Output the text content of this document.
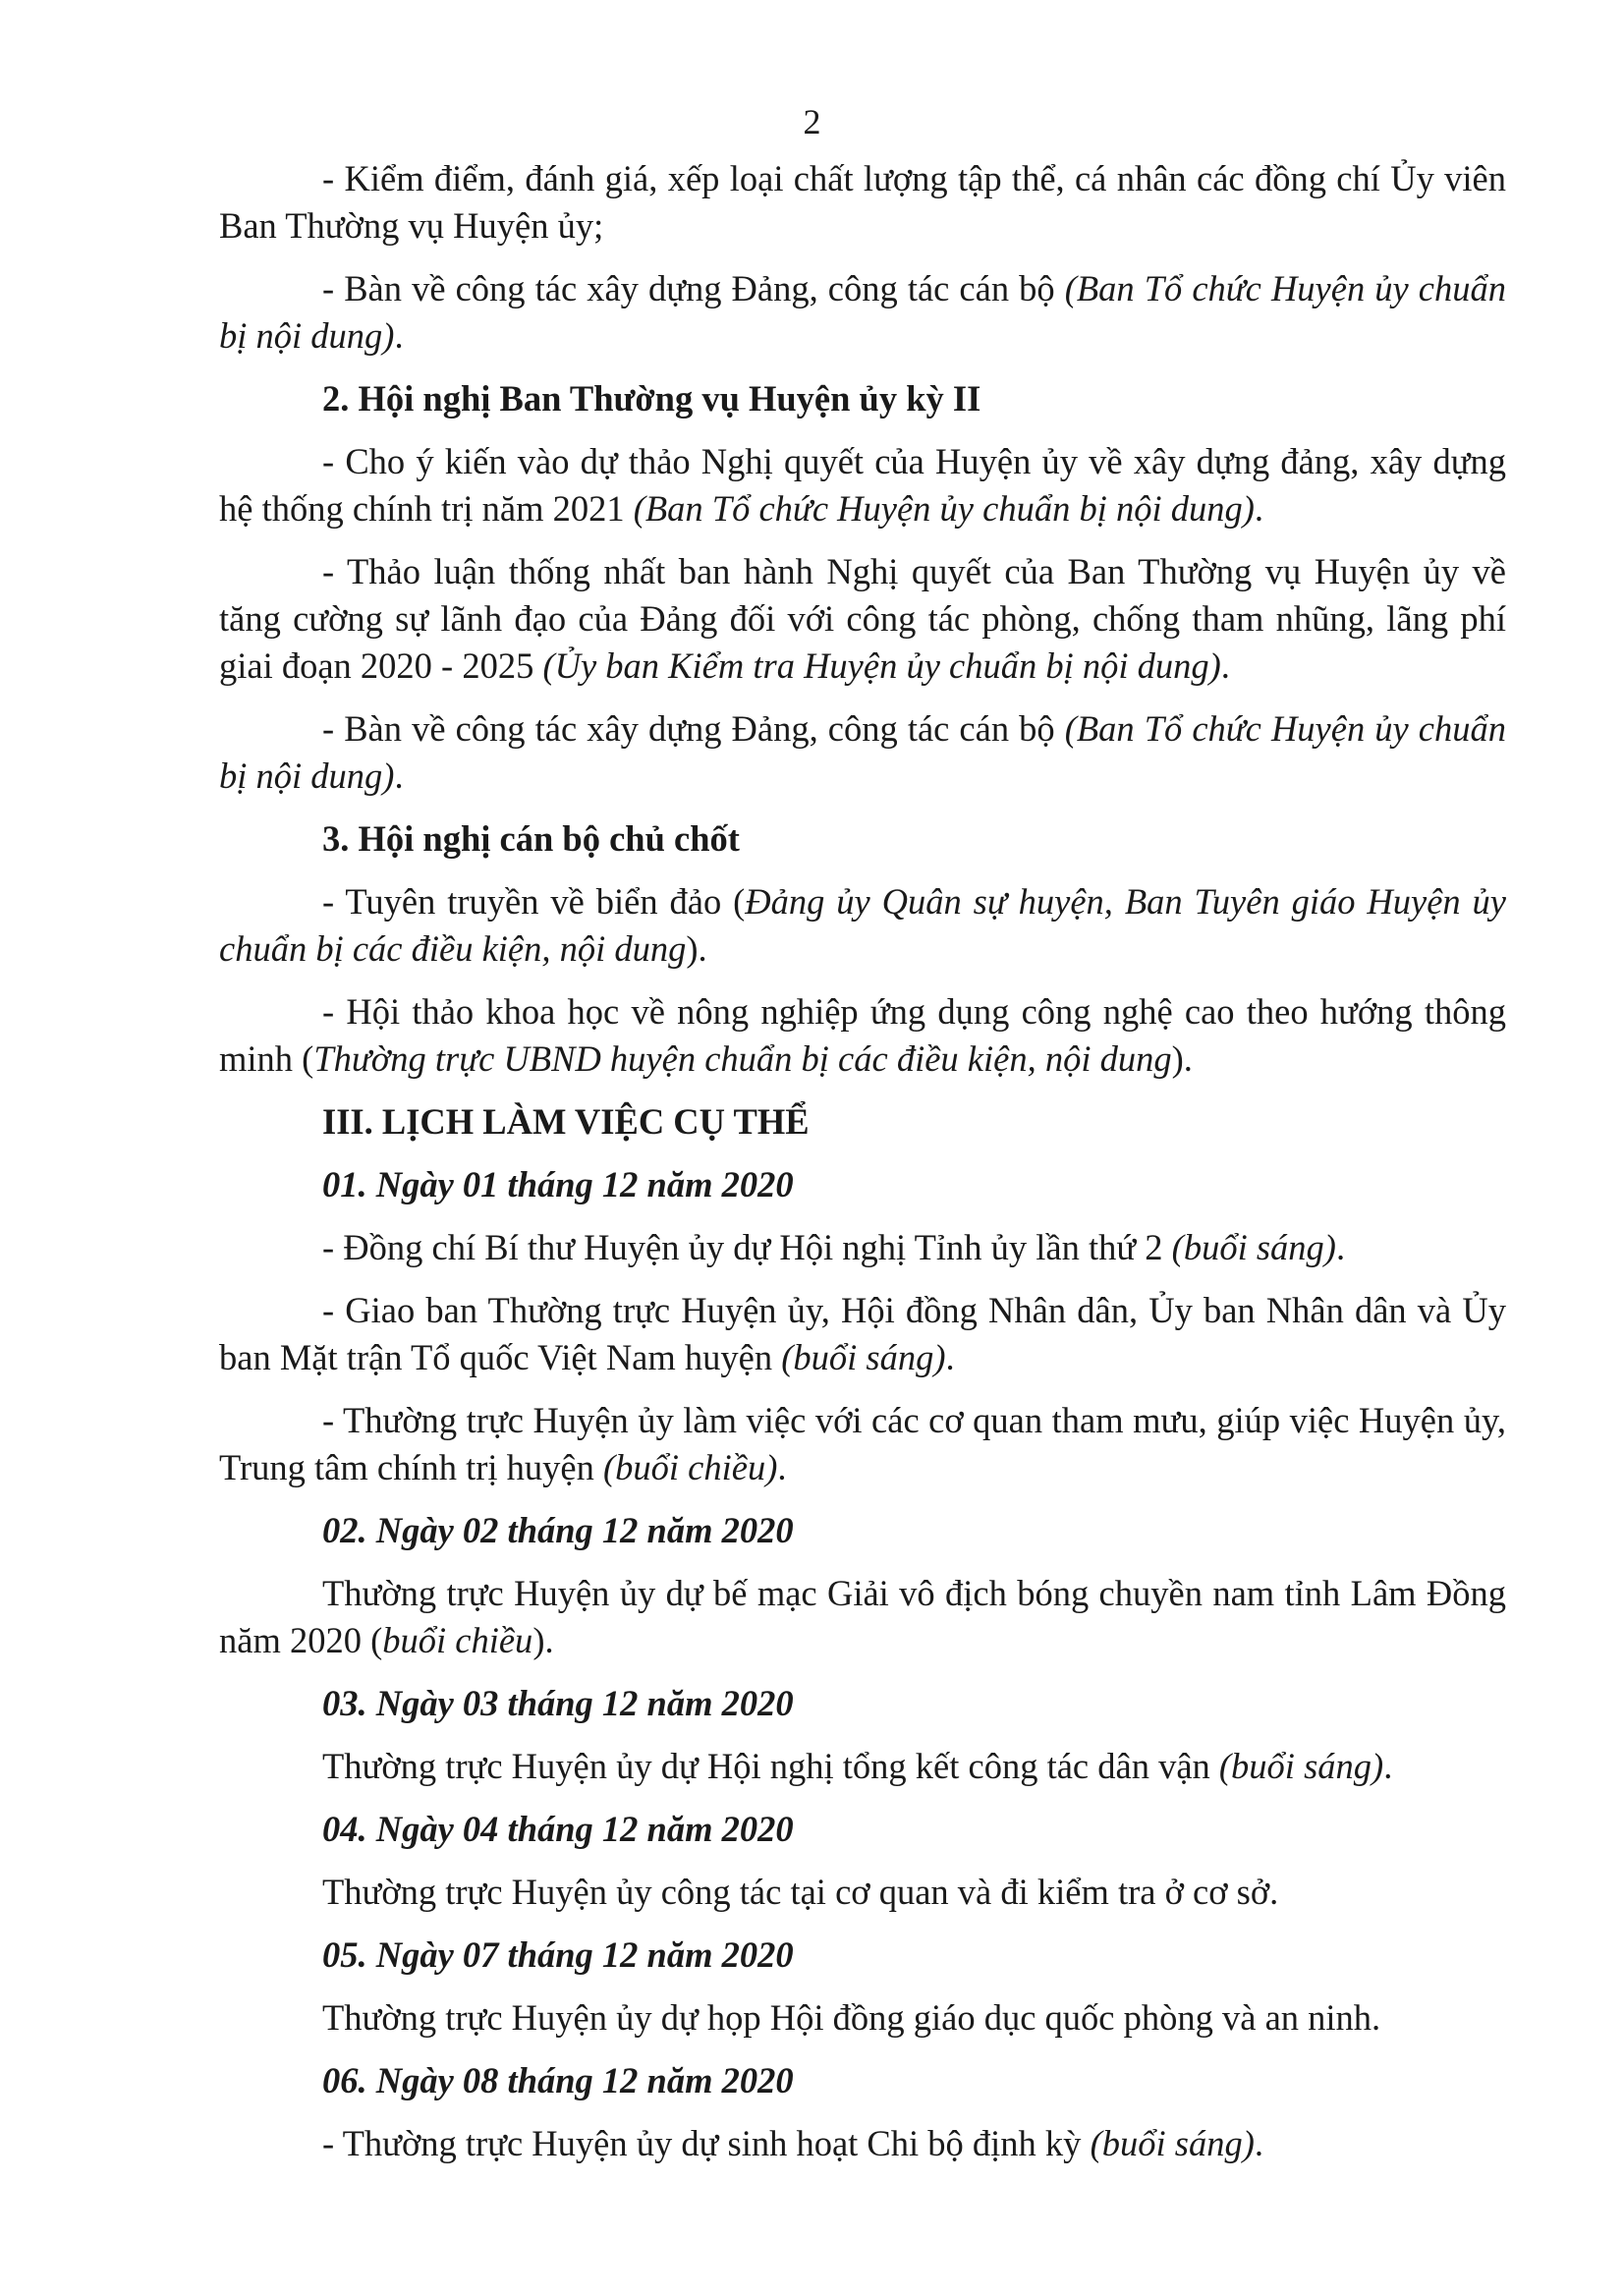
2

- Kiểm điểm, đánh giá, xếp loại chất lượng tập thể, cá nhân các đồng chí Ủy viên Ban Thường vụ Huyện ủy;

- Bàn về công tác xây dựng Đảng, công tác cán bộ (Ban Tổ chức Huyện ủy chuẩn bị nội dung).

2. Hội nghị Ban Thường vụ Huyện ủy kỳ II

- Cho ý kiến vào dự thảo Nghị quyết của Huyện ủy về xây dựng đảng, xây dựng hệ thống chính trị năm 2021 (Ban Tổ chức Huyện ủy chuẩn bị nội dung).

- Thảo luận thống nhất ban hành Nghị quyết của Ban Thường vụ Huyện ủy về tăng cường sự lãnh đạo của Đảng đối với công tác phòng, chống tham nhũng, lãng phí giai đoạn 2020 - 2025 (Ủy ban Kiểm tra Huyện ủy chuẩn bị nội dung).

- Bàn về công tác xây dựng Đảng, công tác cán bộ (Ban Tổ chức Huyện ủy chuẩn bị nội dung).

3. Hội nghị cán bộ chủ chốt

- Tuyên truyền về biển đảo (Đảng ủy Quân sự huyện, Ban Tuyên giáo Huyện ủy chuẩn bị các điều kiện, nội dung).

- Hội thảo khoa học về nông nghiệp ứng dụng công nghệ cao theo hướng thông minh (Thường trực UBND huyện chuẩn bị các điều kiện, nội dung).

III. LỊCH LÀM VIỆC CỤ THỂ
01. Ngày 01 tháng 12 năm 2020

- Đồng chí Bí thư Huyện ủy dự Hội nghị Tỉnh ủy lần thứ 2 (buổi sáng).

- Giao ban Thường trực Huyện ủy, Hội đồng Nhân dân, Ủy ban Nhân dân và Ủy ban Mặt trận Tổ quốc Việt Nam huyện (buổi sáng).

- Thường trực Huyện ủy làm việc với các cơ quan tham mưu, giúp việc Huyện ủy, Trung tâm chính trị huyện (buổi chiều).

02. Ngày 02 tháng 12 năm 2020

Thường trực Huyện ủy dự bế mạc Giải vô địch bóng chuyền nam tỉnh Lâm Đồng năm 2020 (buổi chiều).

03. Ngày 03 tháng 12 năm 2020

Thường trực Huyện ủy dự Hội nghị tổng kết công tác dân vận (buổi sáng).

04. Ngày 04 tháng 12 năm 2020

Thường trực Huyện ủy công tác tại cơ quan và đi kiểm tra ở cơ sở.

05. Ngày 07 tháng 12 năm 2020

Thường trực Huyện ủy dự họp Hội đồng giáo dục quốc phòng và an ninh.

06. Ngày 08 tháng 12 năm 2020

- Thường trực Huyện ủy dự sinh hoạt Chi bộ định kỳ (buổi sáng).
